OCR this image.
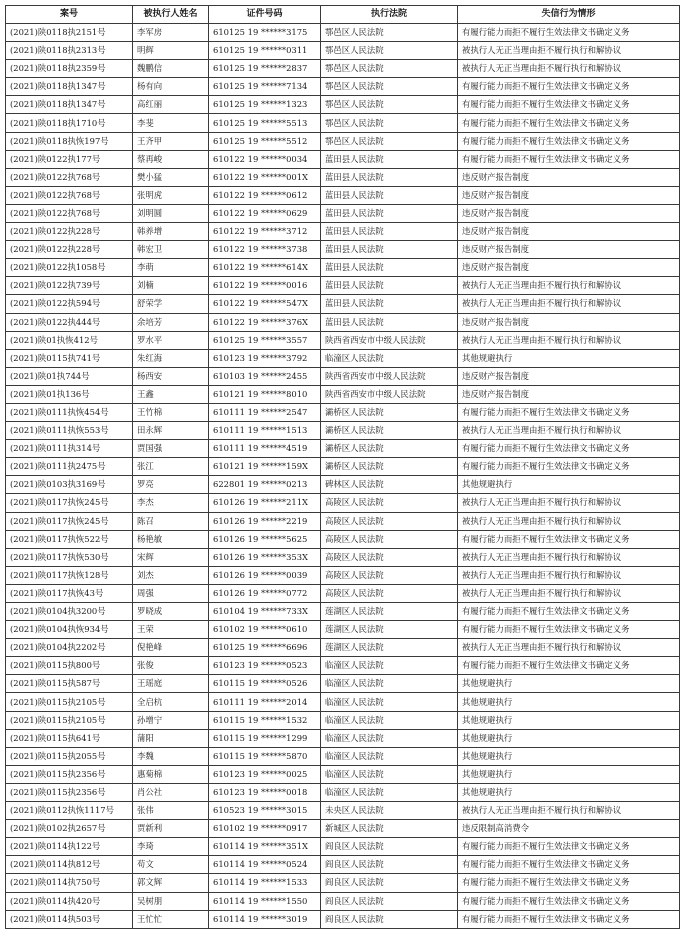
案号	被执行人姓名	证件号码	执行法院	失信行为情形
(2021)陕0118执2151号	李军房	610125 19 ******3175	鄠邑区人民法院	有履行能力而拒不履行生效法律文书确定义务
(2021)陕0118执2313号	明辉	610125 19 ******0311	鄠邑区人民法院	被执行人无正当理由拒不履行执行和解协议
(2021)陕0118执2359号	魏鹏信	610125 19 ******2837	鄠邑区人民法院	被执行人无正当理由拒不履行执行和解协议
(2021)陕0118执1347号	杨有向	610125 19 ******7134	鄠邑区人民法院	有履行能力而拒不履行生效法律文书确定义务
(2021)陕0118执1347号	高红丽	610125 19 ******1323	鄠邑区人民法院	有履行能力而拒不履行生效法律文书确定义务
(2021)陕0118执1710号	李斐	610125 19 ******5513	鄠邑区人民法院	有履行能力而拒不履行生效法律文书确定义务
(2021)陕0118执恢197号	王齐甲	610125 19 ******5512	鄠邑区人民法院	有履行能力而拒不履行生效法律文书确定义务
(2021)陕0122执177号	蔡再峻	610122 19 ******0034	蓝田县人民法院	有履行能力而拒不履行生效法律文书确定义务
(2021)陕0122执768号	樊小猛	610122 19 ******001X	蓝田县人民法院	违反财产报告制度
(2021)陕0122执768号	张明虎	610122 19 ******0612	蓝田县人民法院	违反财产报告制度
(2021)陕0122执768号	刘明圆	610122 19 ******0629	蓝田县人民法院	违反财产报告制度
(2021)陕0122执228号	韩养增	610122 19 ******3712	蓝田县人民法院	违反财产报告制度
(2021)陕0122执228号	韩宏卫	610122 19 ******3738	蓝田县人民法院	违反财产报告制度
(2021)陕0122执1058号	李萌	610122 19 ******614X	蓝田县人民法院	违反财产报告制度
(2021)陕0122执739号	刘楠	610122 19 ******0016	蓝田县人民法院	被执行人无正当理由拒不履行执行和解协议
(2021)陕0122执594号	舒荣学	610122 19 ******547X	蓝田县人民法院	被执行人无正当理由拒不履行执行和解协议
(2021)陕0122执444号	余培芳	610122 19 ******376X	蓝田县人民法院	违反财产报告制度
(2021)陕01执恢412号	罗水平	610125 19 ******3557	陕西省西安市中级人民法院	被执行人无正当理由拒不履行执行和解协议
(2021)陕0115执741号	朱红海	610123 19 ******3792	临潼区人民法院	其他规避执行
(2021)陕01执744号	杨西安	610103 19 ******2455	陕西省西安市中级人民法院	违反财产报告制度
(2021)陕01执136号	王鑫	610121 19 ******8010	陕西省西安市中级人民法院	违反财产报告制度
(2021)陕0111执恢454号	王竹棉	610111 19 ******2547	灞桥区人民法院	有履行能力而拒不履行生效法律文书确定义务
(2021)陕0111执恢553号	田永辉	610111 19 ******1513	灞桥区人民法院	被执行人无正当理由拒不履行执行和解协议
(2021)陕0111执314号	贾国强	610111 19 ******4519	灞桥区人民法院	有履行能力而拒不履行生效法律文书确定义务
(2021)陕0111执2475号	张江	610121 19 ******159X	灞桥区人民法院	有履行能力而拒不履行生效法律文书确定义务
(2021)陕0103执3169号	罗亮	622801 19 ******0213	碑林区人民法院	其他规避执行
(2021)陕0117执恢245号	李杰	610126 19 ******211X	高陵区人民法院	被执行人无正当理由拒不履行执行和解协议
(2021)陕0117执恢245号	陈召	610126 19 ******2219	高陵区人民法院	被执行人无正当理由拒不履行执行和解协议
(2021)陕0117执恢522号	杨艳敏	610126 19 ******5625	高陵区人民法院	有履行能力而拒不履行生效法律文书确定义务
(2021)陕0117执恢530号	宋辉	610126 19 ******353X	高陵区人民法院	被执行人无正当理由拒不履行执行和解协议
(2021)陕0117执恢128号	刘杰	610126 19 ******0039	高陵区人民法院	被执行人无正当理由拒不履行执行和解协议
(2021)陕0117执恢43号	周强	610126 19 ******0772	高陵区人民法院	被执行人无正当理由拒不履行执行和解协议
(2021)陕0104执3200号	罗晓成	610104 19 ******733X	莲湖区人民法院	有履行能力而拒不履行生效法律文书确定义务
(2021)陕0104执恢934号	王荣	610102 19 ******0610	莲湖区人民法院	有履行能力而拒不履行生效法律文书确定义务
(2021)陕0104执2202号	倪艳峰	610125 19 ******6696	莲湖区人民法院	被执行人无正当理由拒不履行执行和解协议
(2021)陕0115执800号	张俊	610123 19 ******0523	临潼区人民法院	有履行能力而拒不履行生效法律文书确定义务
(2021)陕0115执587号	王瑶庭	610115 19 ******0526	临潼区人民法院	其他规避执行
(2021)陕0115执2105号	全启杭	610111 19 ******2014	临潼区人民法院	其他规避执行
(2021)陕0115执2105号	孙增宁	610115 19 ******1532	临潼区人民法院	其他规避执行
(2021)陕0115执641号	蒲阳	610115 19 ******1299	临潼区人民法院	其他规避执行
(2021)陕0115执2055号	李魏	610115 19 ******5870	临潼区人民法院	其他规避执行
(2021)陕0115执2356号	惠菊棉	610123 19 ******0025	临潼区人民法院	其他规避执行
(2021)陕0115执2356号	肖公社	610123 19 ******0018	临潼区人民法院	其他规避执行
(2021)陕0112执恢1117号	张伟	610523 19 ******3015	未央区人民法院	被执行人无正当理由拒不履行执行和解协议
(2021)陕0102执2657号	贾新利	610102 19 ******0917	新城区人民法院	违反限制高消费令
(2021)陕0114执122号	李琦	610114 19 ******351X	阎良区人民法院	有履行能力而拒不履行生效法律文书确定义务
(2021)陕0114执812号	苟文	610114 19 ******0524	阎良区人民法院	有履行能力而拒不履行生效法律文书确定义务
(2021)陕0114执750号	郭文辉	610114 19 ******1533	阎良区人民法院	有履行能力而拒不履行生效法律文书确定义务
(2021)陕0114执420号	吴树朋	610114 19 ******1550	阎良区人民法院	有履行能力而拒不履行生效法律文书确定义务
(2021)陕0114执503号	王忙忙	610114 19 ******3019	阎良区人民法院	有履行能力而拒不履行生效法律文书确定义务
